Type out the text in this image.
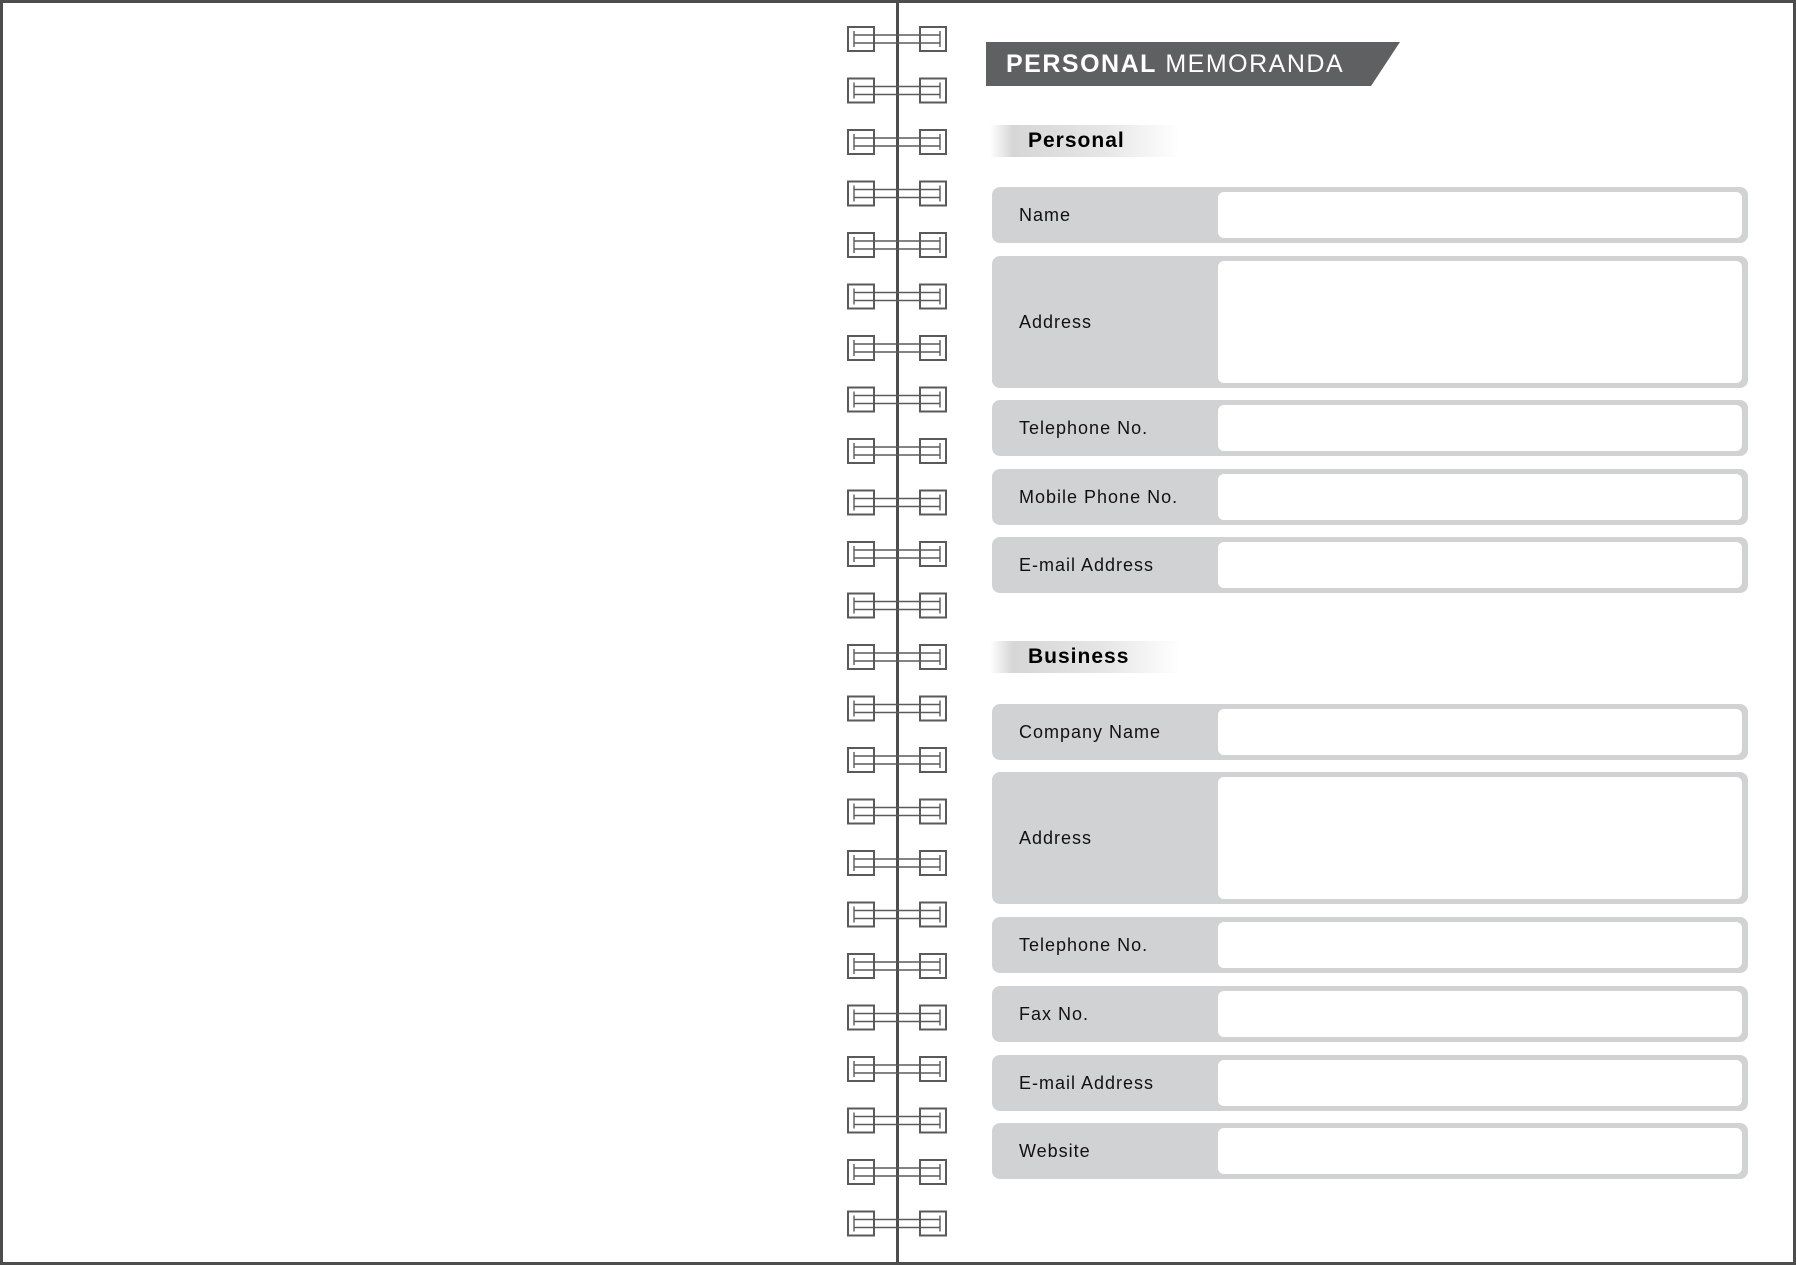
PERSONAL MEMORANDA
Personal
Name
Address
Telephone No.
Mobile Phone No.
E-mail Address
Business
Company Name
Address
Telephone No.
Fax No.
E-mail Address
Website
